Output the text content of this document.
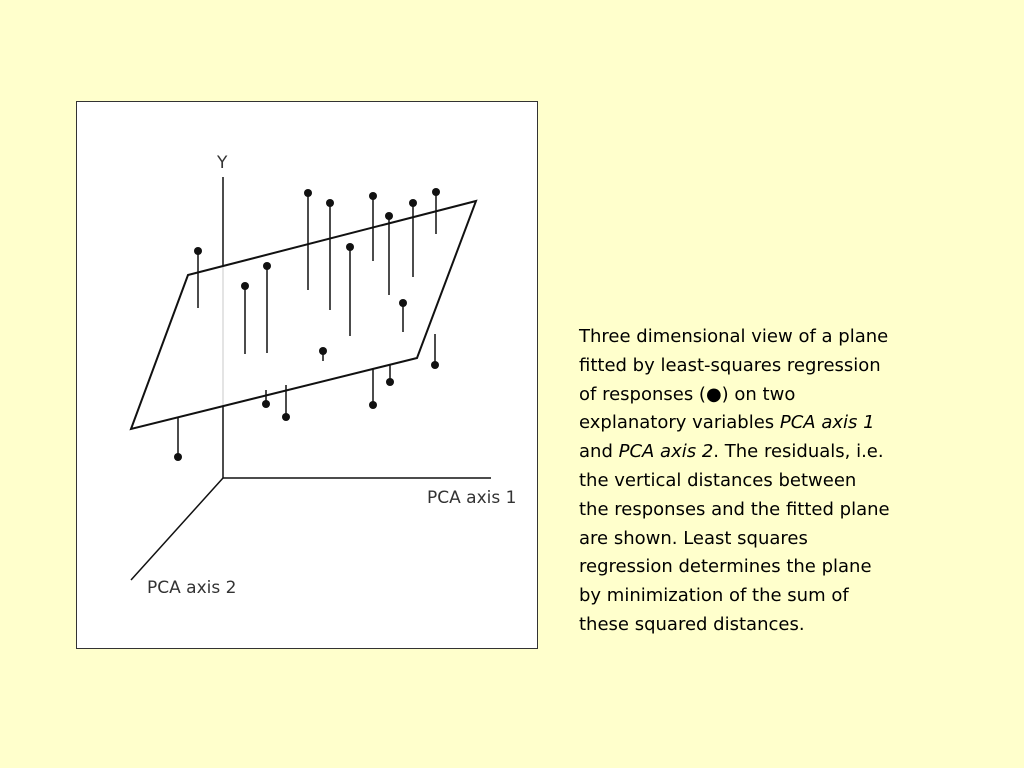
Y
PCA axis 1
PCA axis 2
Three dimensional view of a plane
fitted by least-squares regression
of responses (●) on two
explanatory variables PCA axis 1
and PCA axis 2. The residuals, i.e.
the vertical distances between
the responses and the fitted plane
are shown. Least squares
regression determines the plane
by minimization of the sum of
these squared distances.
